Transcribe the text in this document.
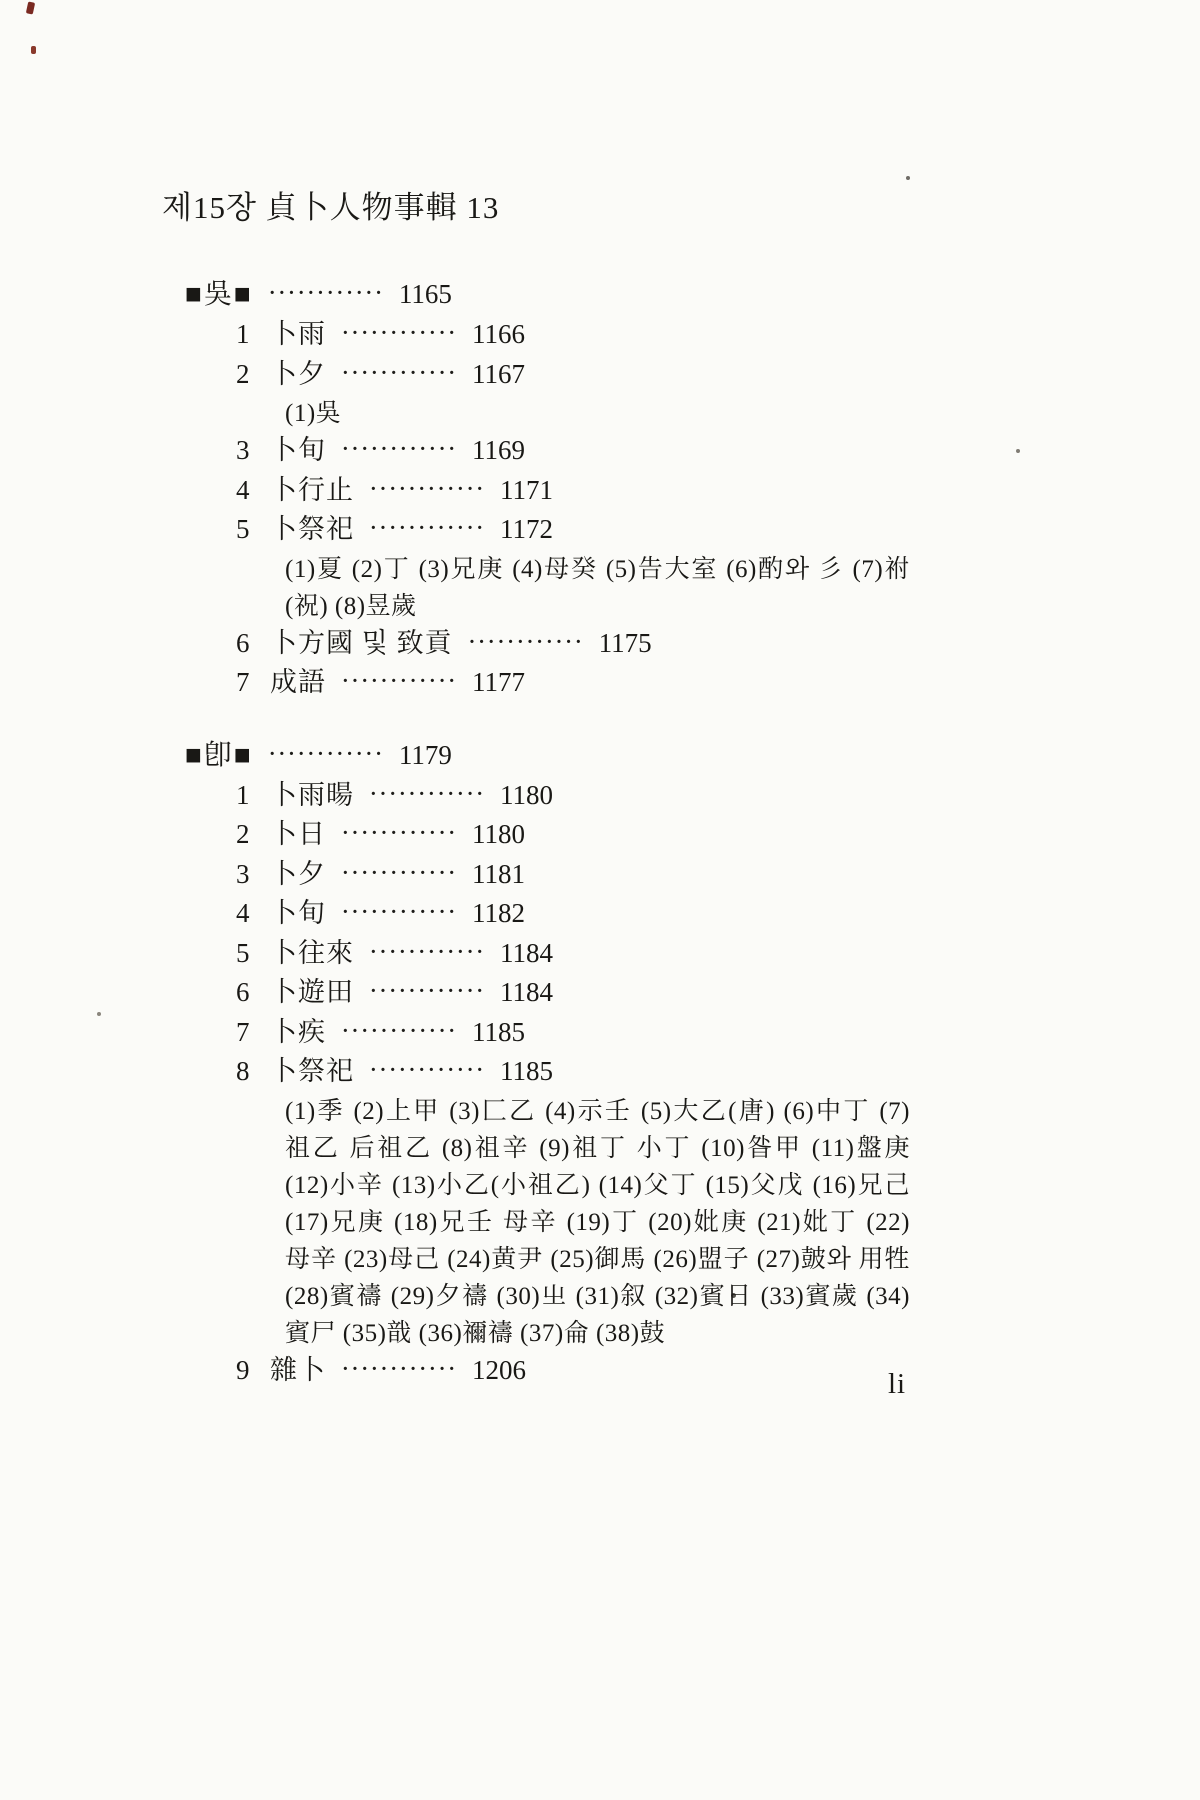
제15장 貞卜人物事輯 13
■吳■ ············ 1165
1 卜雨 ············ 1166
2 卜夕 ············ 1167
(1)吳
3 卜旬 ············ 1169
4 卜行止 ············ 1171
5 卜祭祀 ············ 1172
(1)夏 (2)丁 (3)兄庚 (4)母癸 (5)告大室 (6)酌와 彡 (7)祔
(祝) (8)昱歲
6 卜方國 및 致貢 ············ 1175
7 成語 ············ 1177
■卽■ ············ 1179
1 卜雨暘 ············ 1180
2 卜日 ············ 1180
3 卜夕 ············ 1181
4 卜旬 ············ 1182
5 卜往來 ············ 1184
6 卜遊田 ············ 1184
7 卜疾 ············ 1185
8 卜祭祀 ············ 1185
(1)季 (2)上甲 (3)匚乙 (4)示壬 (5)大乙(唐) (6)中丁 (7)
祖乙 后祖乙 (8)祖辛 (9)祖丁 小丁 (10)昝甲 (11)盤庚
(12)小辛 (13)小乙(小祖乙) (14)父丁 (15)父戊 (16)兄己
(17)兄庚 (18)兄壬 母辛 (19)丁 (20)妣庚 (21)妣丁 (22)
母辛 (23)母己 (24)黄尹 (25)御馬 (26)盟子 (27)皷와 用牲
(28)賓禱 (29)夕禱 (30)㞢 (31)叙 (32)賓日 (33)賓歲 (34)
賓尸 (35)戠 (36)禰禱 (37)侖 (38)鼓
9 雜卜 ············ 1206	li
